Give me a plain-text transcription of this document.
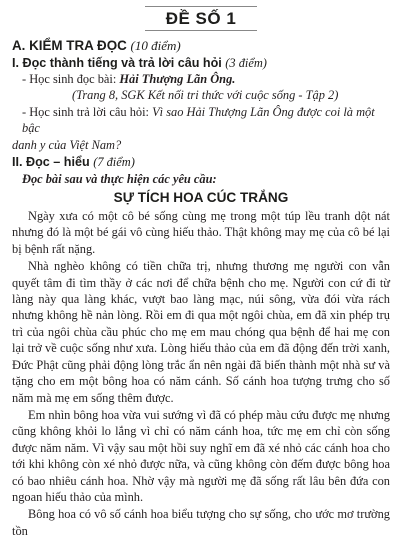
ĐỀ SỐ 1
A. KIỂM TRA ĐỌC (10 điểm)
I. Đọc thành tiếng và trả lời câu hỏi (3 điểm)
- Học sinh đọc bài: Hải Thượng Lãn Ông.
(Trang 8, SGK Kết nối tri thức với cuộc sống - Tập 2)
- Học sinh trả lời câu hỏi: Vì sao Hải Thượng Lãn Ông được coi là một bậc
danh y của Việt Nam?
II. Đọc – hiểu (7 điểm)
Đọc bài sau và thực hiện các yêu cầu:
SỰ TÍCH HOA CÚC TRẮNG

Ngày xưa có một cô bé sống cùng mẹ trong một túp lều tranh dột nát nhưng đó là một bé gái vô cùng hiếu thảo. Thật không may mẹ của cô bé lại bị bệnh rất nặng.

Nhà nghèo không có tiền chữa trị, nhưng thương mẹ người con vẫn quyết tâm đi tìm thầy ở các nơi để chữa bệnh cho mẹ. Người con cứ đi từ làng này qua làng khác, vượt bao làng mạc, núi sông, vừa đói vừa rách nhưng không hề nản lòng. Rồi em đi qua một ngôi chùa, em đã xin phép trụ trì của ngôi chùa cầu phúc cho mẹ em mau chóng qua bệnh để hai mẹ con lại trở về cuộc sống như xưa. Lòng hiếu thảo của em đã động đến trời xanh, Đức Phật cũng phải động lòng trắc ẩn nên ngài đã biến thành một nhà sư và tặng cho em một bông hoa có năm cánh. Số cánh hoa tượng trưng cho số năm mà mẹ em sống thêm được.

Em nhìn bông hoa vừa vui sướng vì đã có phép màu cứu được mẹ nhưng cũng không khỏi lo lắng vì chỉ có năm cánh hoa, tức mẹ em chỉ còn sống được năm năm. Vì vậy sau một hồi suy nghĩ em đã xé nhỏ các cánh hoa cho tới khi không còn xé nhỏ được nữa, và cũng không còn đếm được bông hoa có bao nhiêu cánh hoa. Nhờ vậy mà người mẹ đã sống rất lâu bên đứa con ngoan hiếu thảo của mình.

Bông hoa có vô số cánh hoa biểu tượng cho sự sống, cho ước mơ trường tồn
